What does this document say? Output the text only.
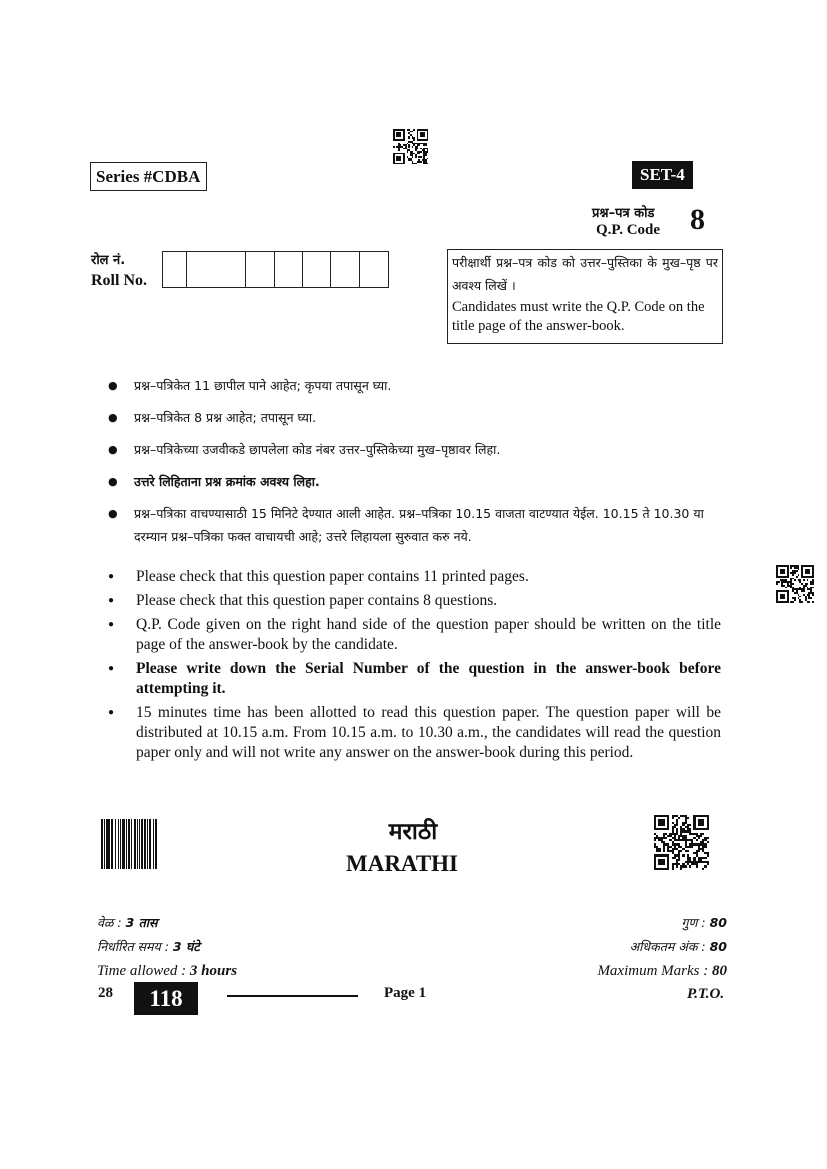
Series #CDBA	SET-4
प्रश्न–पत्र कोड
Q.P. Code 8
रोल नं.
Roll No.
परीक्षार्थी प्रश्न–पत्र कोड को उत्तर–पुस्तिका के मुख–पृष्ठ पर अवश्य लिखें ।
Candidates must write the Q.P. Code on the title page of the answer-book.
● प्रश्न–पत्रिकेत 11 छापील पाने आहेत; कृपया तपासून घ्या.
● प्रश्न–पत्रिकेत 8 प्रश्न आहेत; तपासून घ्या.
● प्रश्न–पत्रिकेच्या उजवीकडे छापलेला कोड नंबर उत्तर–पुस्तिकेच्या मुख–पृष्ठावर लिहा.
● उत्तरे लिहिताना प्रश्न क्रमांक अवश्य लिहा.
● प्रश्न–पत्रिका वाचण्यासाठी 15 मिनिटे देण्यात आली आहेत. प्रश्न–पत्रिका 10.15 वाजता वाटण्यात येईल. 10.15 ते 10.30 या दरम्यान प्रश्न–पत्रिका फक्त वाचायची आहे; उत्तरे लिहायला सुरुवात करु नये.
● Please check that this question paper contains 11 printed pages.
● Please check that this question paper contains 8 questions.
● Q.P. Code given on the right hand side of the question paper should be written on the title page of the answer-book by the candidate.
● Please write down the Serial Number of the question in the answer-book before attempting it.
● 15 minutes time has been allotted to read this question paper. The question paper will be distributed at 10.15 a.m. From 10.15 a.m. to 10.30 a.m., the candidates will read the question paper only and will not write any answer on the answer-book during this period.
मराठी
MARATHI
वेळ : 3 तास
निर्धारित समय : 3 घंटे
Time allowed : 3 hours
गुण : 80
अधिकतम अंक : 80
Maximum Marks : 80
28	118	Page 1	P.T.O.
